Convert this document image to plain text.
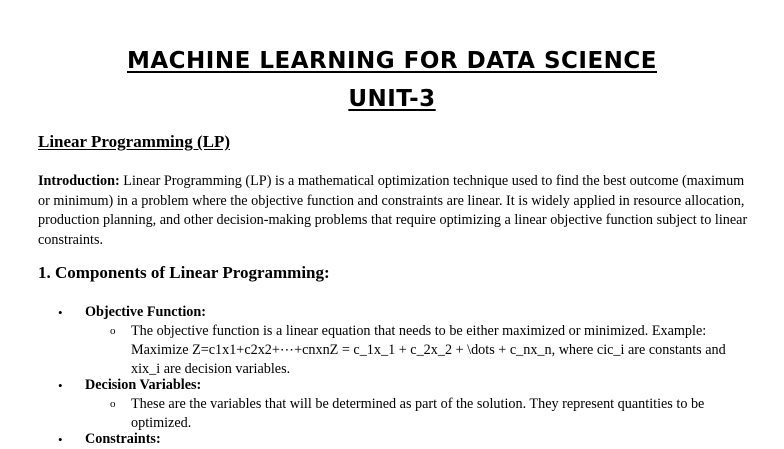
MACHINE LEARNING FOR DATA SCIENCE
UNIT-3
Linear Programming (LP)
Introduction: Linear Programming (LP) is a mathematical optimization technique used to find the best outcome (maximum or minimum) in a problem where the objective function and constraints are linear. It is widely applied in resource allocation, production planning, and other decision-making problems that require optimizing a linear objective function subject to linear constraints.
1. Components of Linear Programming:
• Objective Function:
o The objective function is a linear equation that needs to be either maximized or minimized. Example: Maximize Z=c1x1+c2x2+⋯+cnxnZ = c_1x_1 + c_2x_2 + \dots + c_nx_n, where cic_i are constants and xix_i are decision variables.
• Decision Variables:
o These are the variables that will be determined as part of the solution. They represent quantities to be optimized.
• Constraints:
